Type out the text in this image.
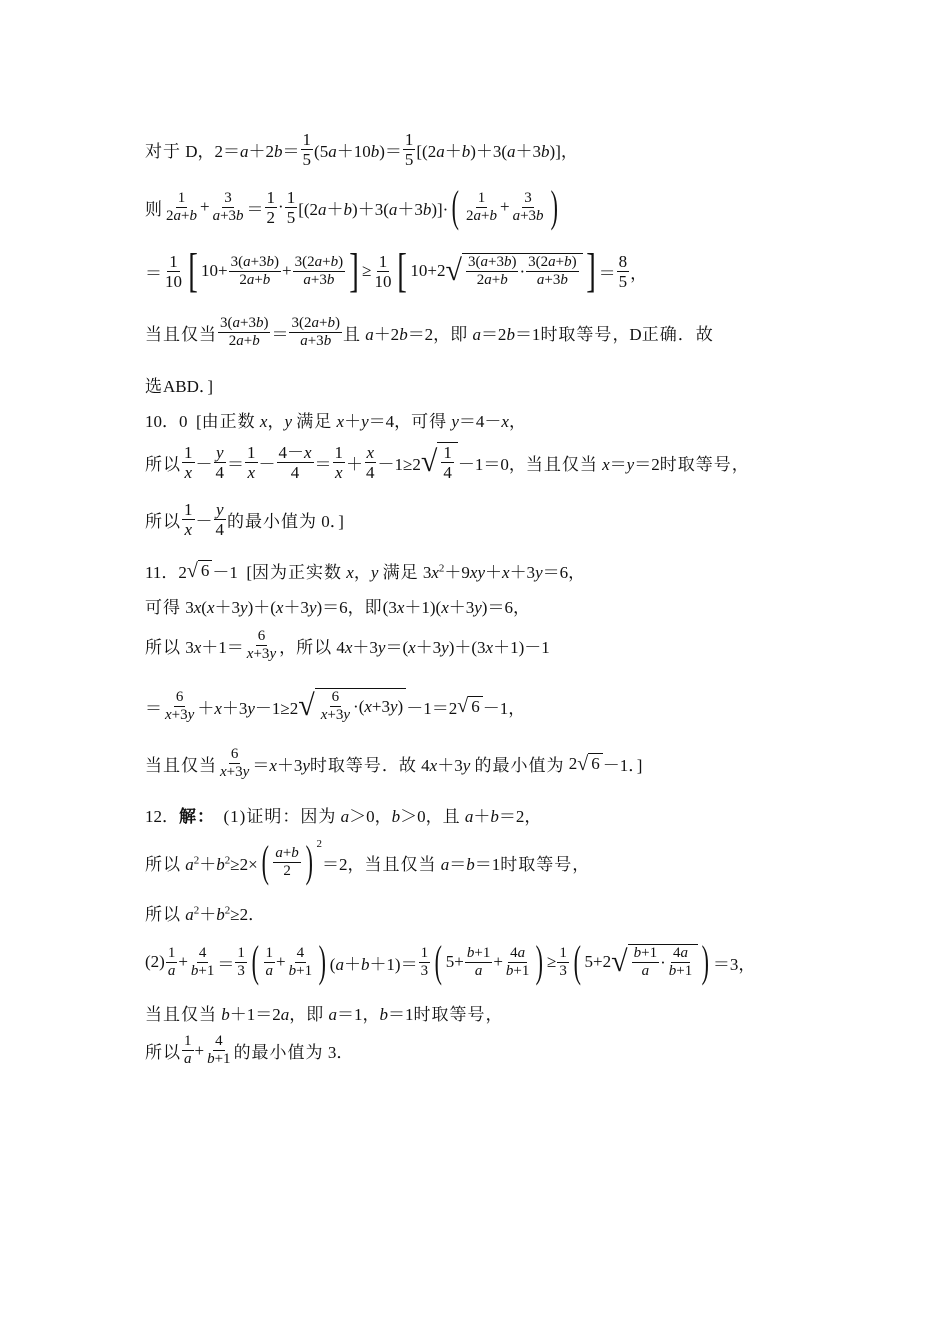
对于 D，$2=a+2b= \frac{1}{5} (5a+10b)= \frac{1}{5} [(2a+b)+3(a+3b)]$，
则 $\frac{1}{2a+b} + \frac{3}{a+3b} = \frac{1}{2} \cdot \frac{1}{5} [(2a+b)+3(a+3b)]\cdot$ ( $\frac{1}{2a+b} + \frac{3}{a+3b}$ )
＝ $\frac{1}{10}$ [ $10+ \frac{3(a+3b)}{2a+b} + \frac{3(2a+b)}{a+3b}$ ] ≥ $\frac{1}{10}$ [ 10+2 √ $\frac{3(a+3b)}{2a+b} \cdot \frac{3(2a+b)}{a+3b}$ ] ＝ $\frac{8}{5}$ ，
当且仅当 $\frac{3(a+3b)}{2a+b} = \frac{3(2a+b)}{a+3b}$ 且 a＋2b＝2， 即 a＝2b＝1 时取等号 ，D 正确．故
选 ABD．]
10．0  [ 由正数 x，y 满足 x＋y＝4， 可得 y＝4－x，
所以 $\frac{1}{x} - \frac{y}{4} = \frac{1}{x} - \frac{4-x}{4} = \frac{1}{x} + \frac{x}{4} -1\ge 2$ √ $\frac{1}{4} -1=0$， 当且仅当 x＝y＝2 时取等号 ，
所以 $\frac{1}{x} - \frac{y}{4}$ 的最小值为 0．]
11．2 √ 6 －1  [ 因为正实数 x，y 满足 $3x^2+9xy+x+3y=6$，
可得 3x(x＋3y)＋(x＋3y)＝6， 即 (3x＋1)(x＋3y)＝6，
所以 $3x+1= \frac{6}{x+3y}$ ， 所以 4x＋3y＝(x＋3y)＋(3x＋1)－1
＝ $\frac{6}{x+3y} +x+3y-1\ge 2$ √ $\frac{6}{x+3y} \cdot(x+3y) -1=2$ √ 6 －1，
当且仅当 $\frac{6}{x+3y} =x+3y$ 时取等号 ． 故 4x＋3y 的最小值为 2 √ 6 －1．]
12． 解：
(1)证明： 因为 a＞0，b＞0， 且 a＋b＝2，
所以 $a^2+b^2\ge 2\times$ ( $\frac{a+b}{2}$ ) 2
＝2， 当且仅当 a＝b＝1 时取等号 ，
所以 $a^2+b^2\ge 2$．
$(2) \frac{1}{a} + \frac{4}{b+1} = \frac{1}{3}$ ( $\frac{1}{a} + \frac{4}{b+1}$ ) $(a+b+1)= \frac{1}{3}$ ( $5+ \frac{b+1}{a} + \frac{4a}{b+1}$ ) ≥ $\frac{1}{3}$ ( 5+2 √ $\frac{b+1}{a} \cdot \frac{4a}{b+1}$ ) ＝3，
当且仅当 b＋1＝2a， 即 a＝1，b＝1 时取等号 ，
所以 $\frac{1}{a} + \frac{4}{b+1}$ 的最小值为 3．
